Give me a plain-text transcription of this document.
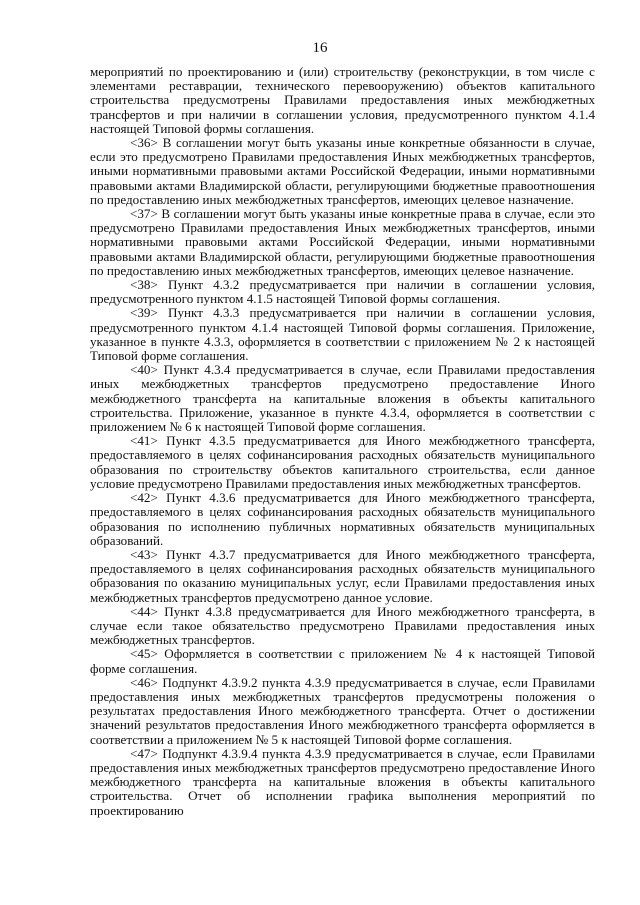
16

мероприятий по проектированию и (или) строительству (реконструкции, в том числе с элементами реставрации, технического перевооружению) объектов капитального строительства предусмотрены Правилами предоставления иных межбюджетных трансфертов и при наличии в соглашении условия, предусмотренного пунктом 4.1.4 настоящей Типовой формы соглашения.

<36> В соглашении могут быть указаны иные конкретные обязанности в случае, если это предусмотрено Правилами предоставления Иных межбюджетных трансфертов, иными нормативными правовыми актами Российской Федерации, иными нормативными правовыми актами Владимирской области, регулирующими бюджетные правоотношения по предоставлению иных межбюджетных трансфертов, имеющих целевое назначение.

<37> В соглашении могут быть указаны иные конкретные права в случае, если это предусмотрено Правилами предоставления Иных межбюджетных трансфертов, иными нормативными правовыми актами Российской Федерации, иными нормативными правовыми актами Владимирской области, регулирующими бюджетные правоотношения по предоставлению иных межбюджетных трансфертов, имеющих целевое назначение.

<38> Пункт 4.3.2 предусматривается при наличии в соглашении условия, предусмотренного пунктом 4.1.5 настоящей Типовой формы соглашения.

<39> Пункт 4.3.3 предусматривается при наличии в соглашении условия, предусмотренного пунктом 4.1.4 настоящей Типовой формы соглашения. Приложение, указанное в пункте 4.3.3, оформляется в соответствии с приложением № 2 к настоящей Типовой форме соглашения.

<40> Пункт 4.3.4 предусматривается в случае, если Правилами предоставления иных межбюджетных трансфертов предусмотрено предоставление Иного межбюджетного трансферта на капитальные вложения в объекты капитального строительства. Приложение, указанное в пункте 4.3.4, оформляется в соответствии с приложением № 6 к настоящей Типовой форме соглашения.

<41> Пункт 4.3.5 предусматривается для Иного межбюджетного трансферта, предоставляемого в целях софинансирования расходных обязательств муниципального образования по строительству объектов капитального строительства, если данное условие предусмотрено Правилами предоставления иных межбюджетных трансфертов.

<42> Пункт 4.3.6 предусматривается для Иного межбюджетного трансферта, предоставляемого в целях софинансирования расходных обязательств муниципального образования по исполнению публичных нормативных обязательств муниципальных образований.

<43> Пункт 4.3.7 предусматривается для Иного межбюджетного трансферта, предоставляемого в целях софинансирования расходных обязательств муниципального образования по оказанию муниципальных услуг, если Правилами предоставления иных межбюджетных трансфертов предусмотрено данное условие.

<44> Пункт 4.3.8 предусматривается для Иного межбюджетного трансферта, в случае если такое обязательство предусмотрено Правилами предоставления иных межбюджетных трансфертов.

<45> Оформляется в соответствии с приложением № 4 к настоящей Типовой форме соглашения.

<46> Подпункт 4.3.9.2 пункта 4.3.9 предусматривается в случае, если Правилами предоставления иных межбюджетных трансфертов предусмотрены положения о результатах предоставления Иного межбюджетного трансферта. Отчет о достижении значений результатов предоставления Иного межбюджетного трансферта оформляется в соответствии а приложением № 5 к настоящей Типовой форме соглашения.

<47> Подпункт 4.3.9.4 пункта 4.3.9 предусматривается в случае, если Правилами предоставления иных межбюджетных трансфертов предусмотрено предоставление Иного межбюджетного трансферта на капитальные вложения в объекты капитального строительства. Отчет об исполнении графика выполнения мероприятий по проектированию
